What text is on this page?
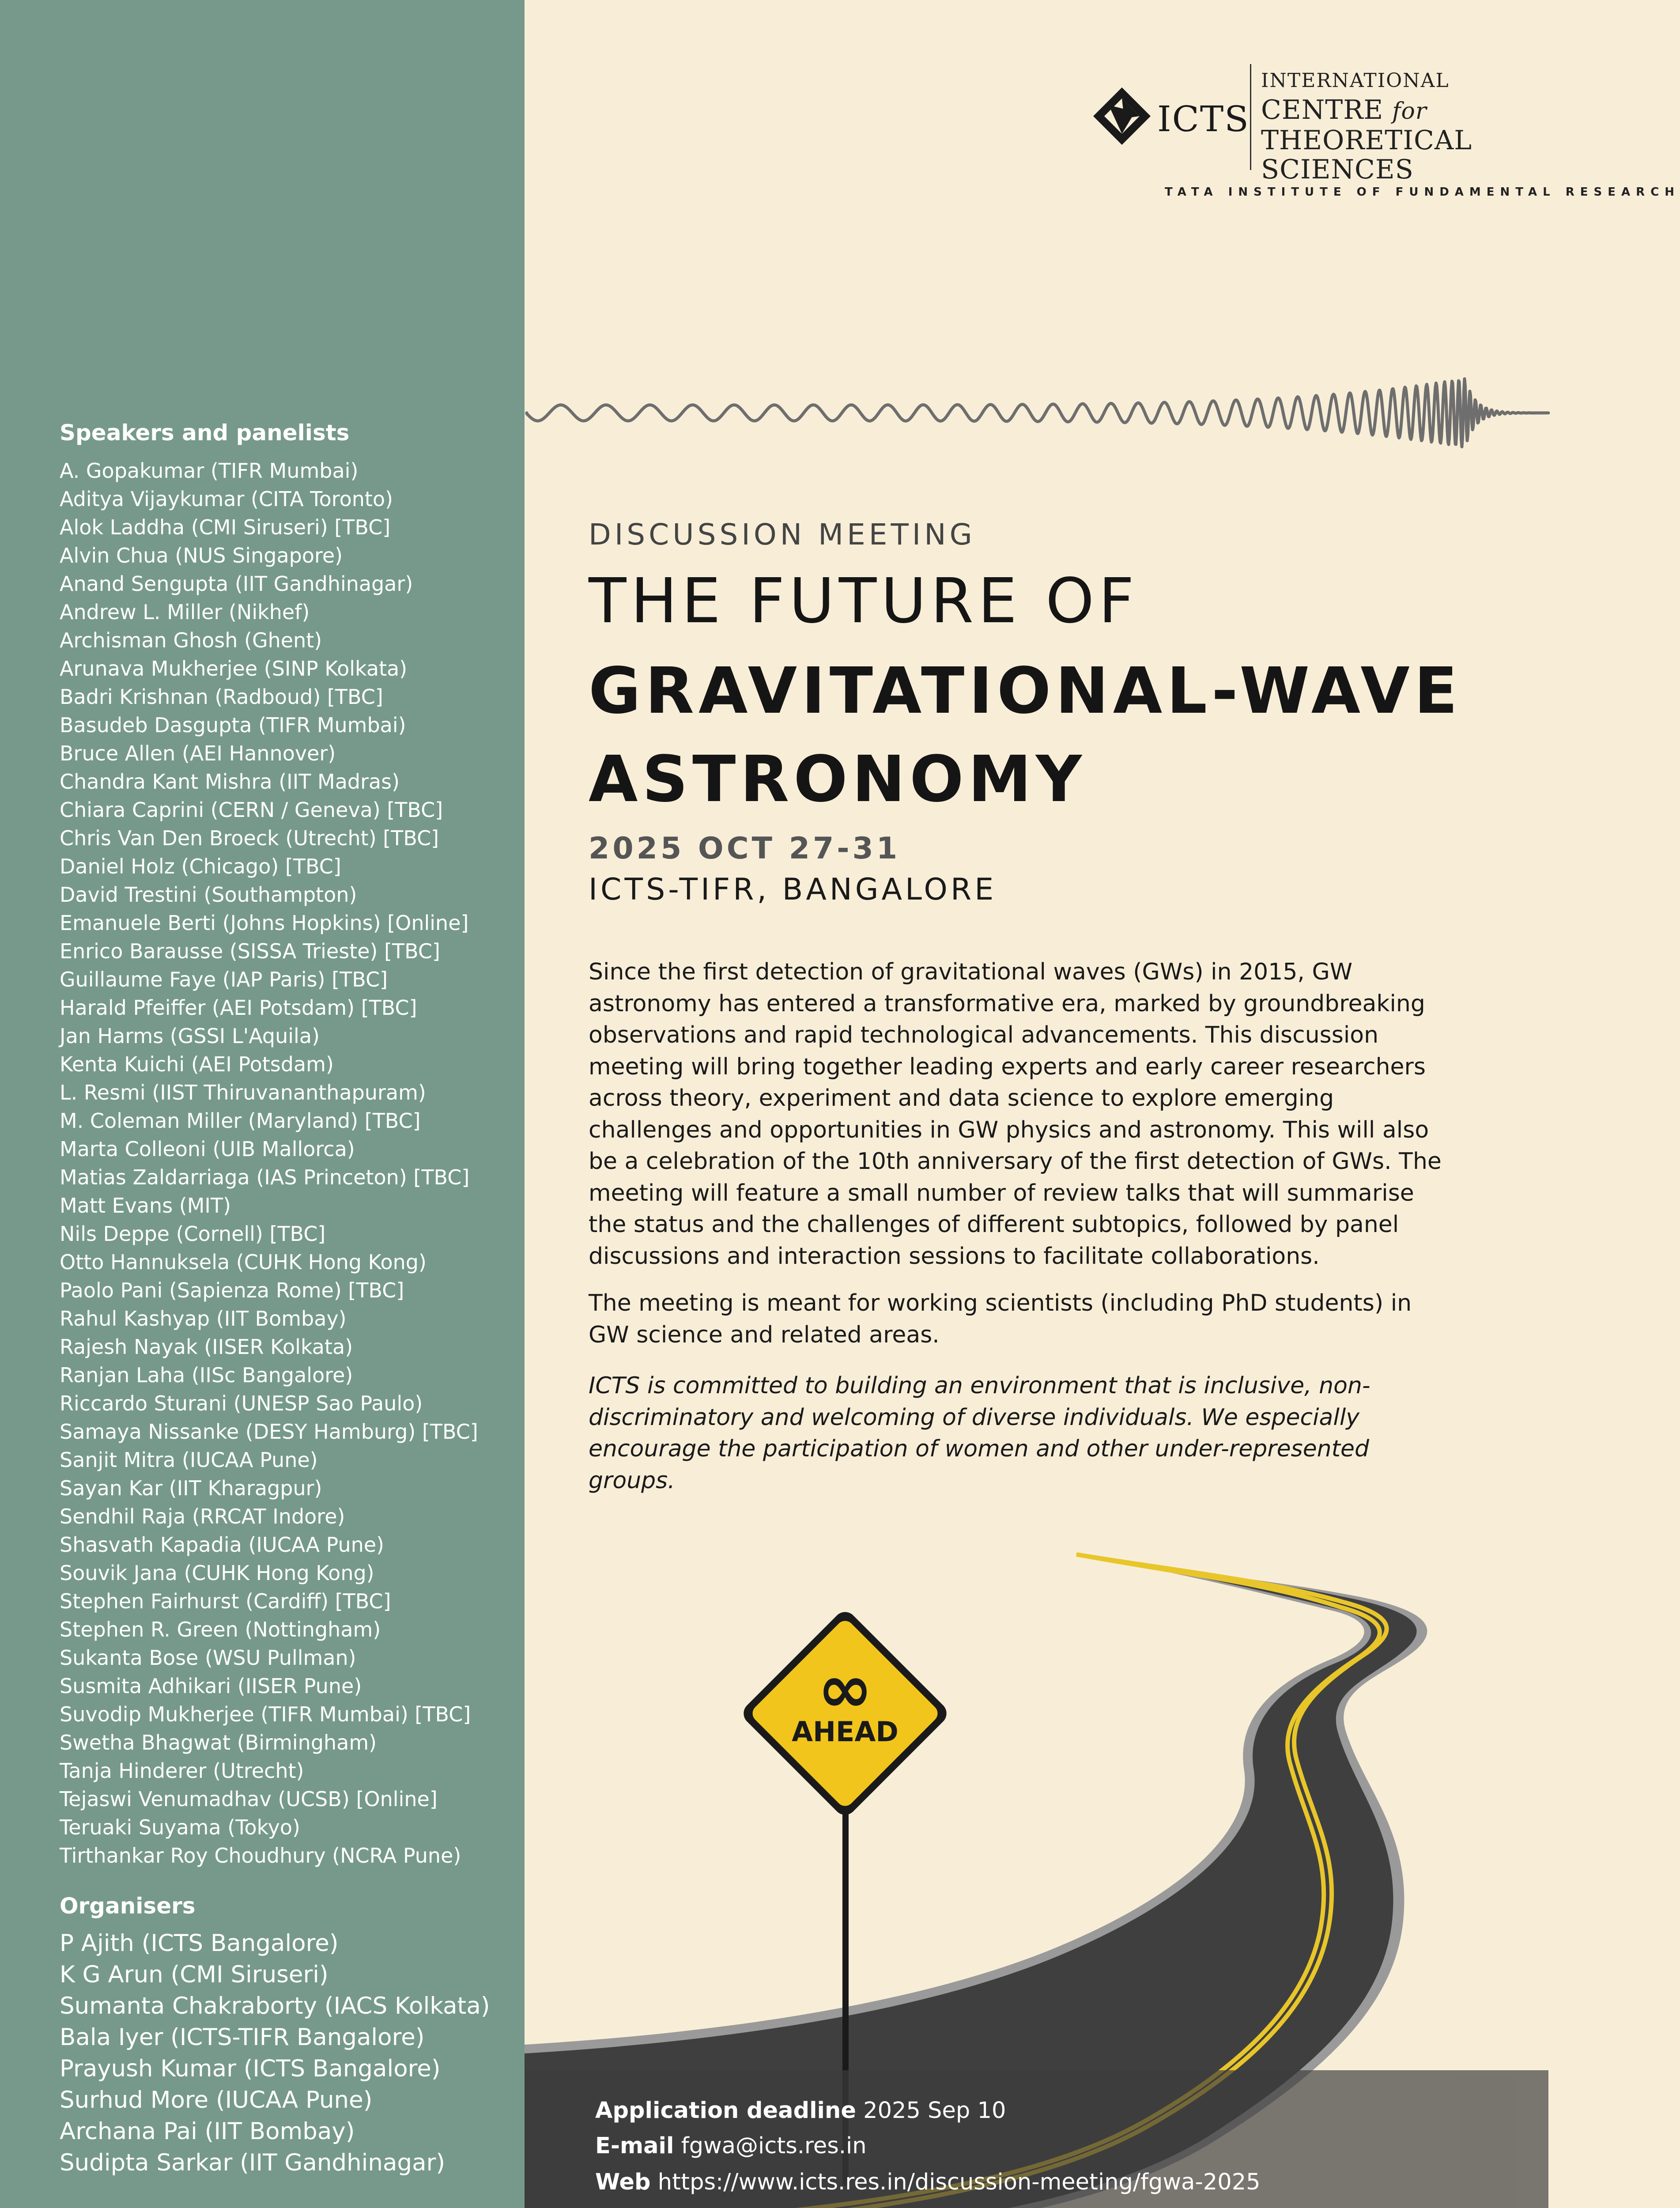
Speakers and panelists
A. Gopakumar (TIFR Mumbai)
Aditya Vijaykumar (CITA Toronto)
Alok Laddha (CMI Siruseri) [TBC]
Alvin Chua (NUS Singapore)
Anand Sengupta (IIT Gandhinagar)
Andrew L. Miller (Nikhef)
Archisman Ghosh (Ghent)
Arunava Mukherjee (SINP Kolkata)
Badri Krishnan (Radboud) [TBC]
Basudeb Dasgupta (TIFR Mumbai)
Bruce Allen (AEI Hannover)
Chandra Kant Mishra (IIT Madras)
Chiara Caprini (CERN / Geneva) [TBC]
Chris Van Den Broeck (Utrecht) [TBC]
Daniel Holz (Chicago) [TBC]
David Trestini (Southampton)
Emanuele Berti (Johns Hopkins) [Online]
Enrico Barausse (SISSA Trieste) [TBC]
Guillaume Faye (IAP Paris) [TBC]
Harald Pfeiffer (AEI Potsdam) [TBC]
Jan Harms (GSSI L'Aquila)
Kenta Kuichi (AEI Potsdam)
L. Resmi (IIST Thiruvananthapuram)
M. Coleman Miller (Maryland) [TBC]
Marta Colleoni (UIB Mallorca)
Matias Zaldarriaga (IAS Princeton) [TBC]
Matt Evans (MIT)
Nils Deppe (Cornell) [TBC]
Otto Hannuksela (CUHK Hong Kong)
Paolo Pani (Sapienza Rome) [TBC]
Rahul Kashyap (IIT Bombay)
Rajesh Nayak (IISER Kolkata)
Ranjan Laha (IISc Bangalore)
Riccardo Sturani (UNESP Sao Paulo)
Samaya Nissanke (DESY Hamburg) [TBC]
Sanjit Mitra (IUCAA Pune)
Sayan Kar (IIT Kharagpur)
Sendhil Raja (RRCAT Indore)
Shasvath Kapadia (IUCAA Pune)
Souvik Jana (CUHK Hong Kong)
Stephen Fairhurst (Cardiff) [TBC]
Stephen R. Green (Nottingham)
Sukanta Bose (WSU Pullman)
Susmita Adhikari (IISER Pune)
Suvodip Mukherjee (TIFR Mumbai) [TBC]
Swetha Bhagwat (Birmingham)
Tanja Hinderer (Utrecht)
Tejaswi Venumadhav (UCSB) [Online]
Teruaki Suyama (Tokyo)
Tirthankar Roy Choudhury (NCRA Pune)
Organisers
P Ajith (ICTS Bangalore)
K G Arun (CMI Siruseri)
Sumanta Chakraborty (IACS Kolkata)
Bala Iyer (ICTS-TIFR Bangalore)
Prayush Kumar (ICTS Bangalore)
Surhud More (IUCAA Pune)
Archana Pai (IIT Bombay)
Sudipta Sarkar (IIT Gandhinagar)
ICTS
INTERNATIONAL
CENTRE for
THEORETICAL
SCIENCES
TATA INSTITUTE OF FUNDAMENTAL RESEARCH
DISCUSSION MEETING
THE FUTURE OF
GRAVITATIONAL-WAVE
ASTRONOMY
2025 OCT 27-31
ICTS-TIFR, BANGALORE

Since the first detection of gravitational waves (GWs) in 2015, GW astronomy has entered a transformative era, marked by groundbreaking observations and rapid technological advancements. This discussion meeting will bring together leading experts and early career researchers across theory, experiment and data science to explore emerging challenges and opportunities in GW physics and astronomy. This will also be a celebration of the 10th anniversary of the first detection of GWs. The meeting will feature a small number of review talks that will summarise the status and the challenges of different subtopics, followed by panel discussions and interaction sessions to facilitate collaborations.

The meeting is meant for working scientists (including PhD students) in GW science and related areas.

ICTS is committed to building an environment that is inclusive, non-discriminatory and welcoming of diverse individuals. We especially encourage the participation of women and other under-represented groups.

∞
AHEAD
Application deadline 2025 Sep 10
E-mail fgwa@icts.res.in
Web https://www.icts.res.in/discussion-meeting/fgwa-2025
